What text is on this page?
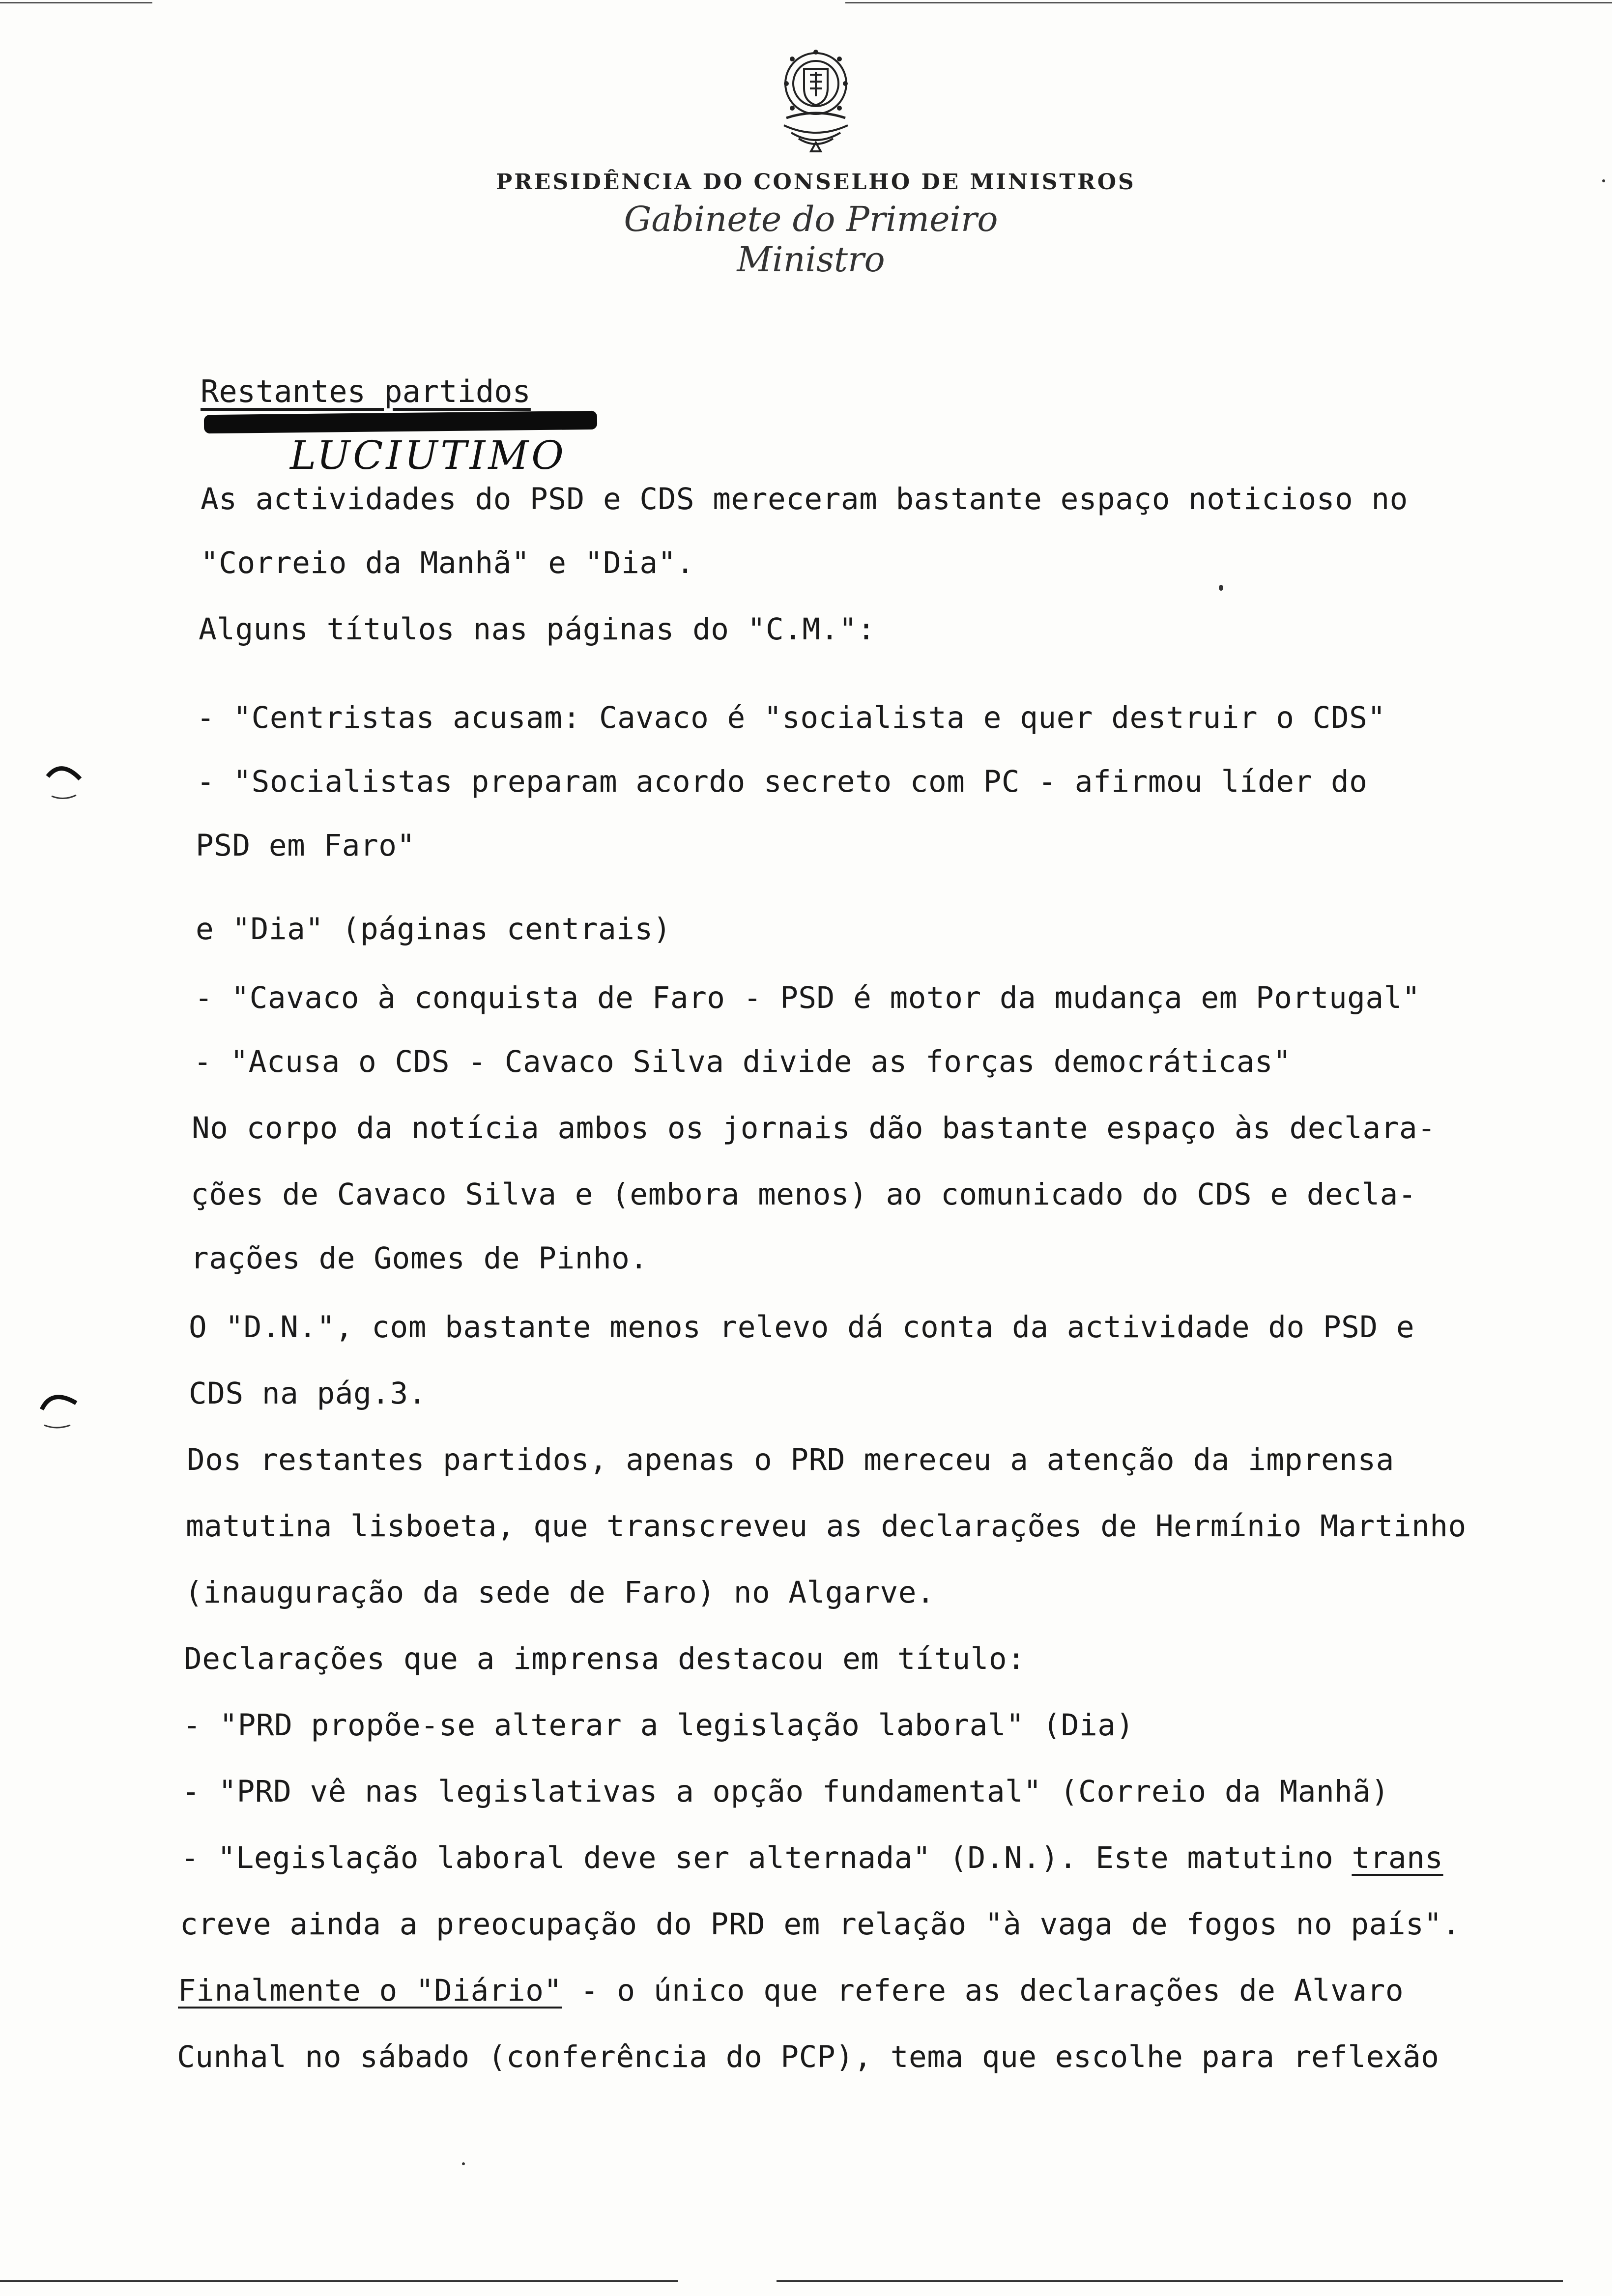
PRESIDÊNCIA DO CONSELHO DE MINISTROS
Gabinete do Primeiro Ministro
Restantes partidos
LUCIUTIMO
As actividades do PSD e CDS mereceram bastante espaço noticioso no
"Correio da Manhã" e "Dia".
Alguns títulos nas páginas do "C.M.":
- "Centristas acusam: Cavaco é "socialista e quer destruir o CDS"
- "Socialistas preparam acordo secreto com PC - afirmou líder do
PSD em Faro"
e "Dia" (páginas centrais)
- "Cavaco à conquista de Faro - PSD é motor da mudança em Portugal"
- "Acusa o CDS - Cavaco Silva divide as forças democráticas"
No corpo da notícia ambos os jornais dão bastante espaço às declara-
ções de Cavaco Silva e (embora menos) ao comunicado do CDS e decla-
rações de Gomes de Pinho.
O "D.N.", com bastante menos relevo dá conta da actividade do PSD e
CDS na pág.3.
Dos restantes partidos, apenas o PRD mereceu a atenção da imprensa
matutina lisboeta, que transcreveu as declarações de Hermínio Martinho
(inauguração da sede de Faro) no Algarve.
Declarações que a imprensa destacou em título:
- "PRD propõe-se alterar a legislação laboral" (Dia)
- "PRD vê nas legislativas a opção fundamental" (Correio da Manhã)
- "Legislação laboral deve ser alternada" (D.N.). Este matutino trans
creve ainda a preocupação do PRD em relação "à vaga de fogos no país".
Finalmente o "Diário" - o único que refere as declarações de Alvaro
Cunhal no sábado (conferência do PCP), tema que escolhe para reflexão
